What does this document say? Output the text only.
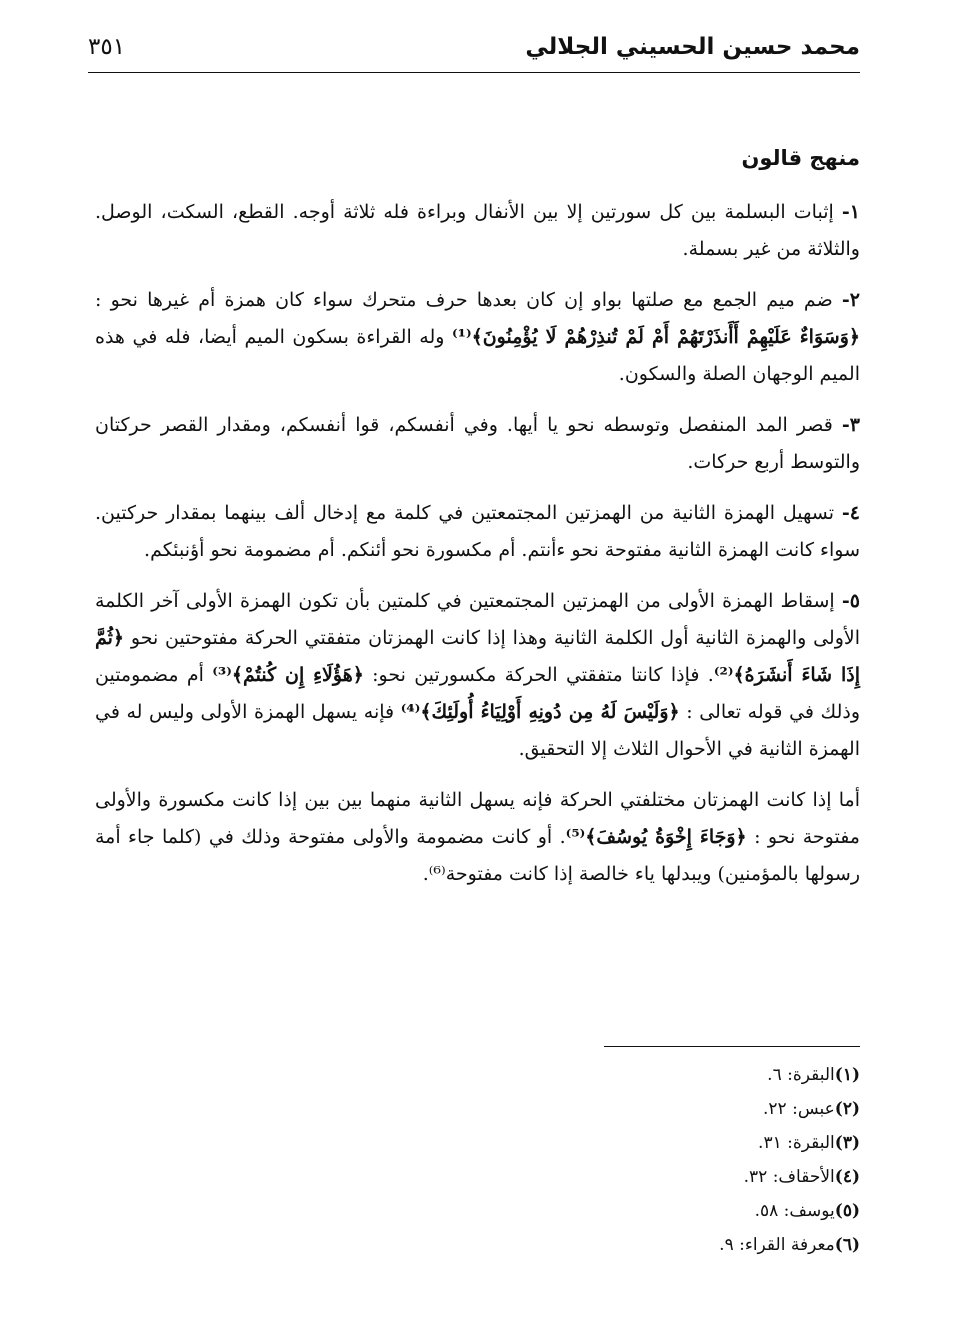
محمد حسين الحسيني الجلالي
٣٥١
منهج قالون

١- إثبات البسلمة بين كل سورتين إلا بين الأنفال وبراءة فله ثلاثة أوجه. القطع، السكت، الوصل. والثلاثة من غير بسملة.

٢- ضم ميم الجمع مع صلتها بواو إن كان بعدها حرف متحرك سواء كان همزة أم غيرها نحو : ﴿وَسَوَاءٌ عَلَيْهِمْ أَأَنذَرْتَهُمْ أَمْ لَمْ تُنذِرْهُمْ لَا يُؤْمِنُونَ﴾⁽¹⁾ وله القراءة بسكون الميم أيضا، فله في هذه الميم الوجهان الصلة والسكون.

٣- قصر المد المنفصل وتوسطه نحو يا أيها. وفي أنفسكم، قوا أنفسكم، ومقدار القصر حركتان والتوسط أربع حركات.

٤- تسهيل الهمزة الثانية من الهمزتين المجتمعتين في كلمة مع إدخال ألف بينهما بمقدار حركتين. سواء كانت الهمزة الثانية مفتوحة نحو ءأنتم. أم مكسورة نحو أئنكم. أم مضمومة نحو أؤنبئكم.

٥- إسقاط الهمزة الأولى من الهمزتين المجتمعتين في كلمتين بأن تكون الهمزة الأولى آخر الكلمة الأولى والهمزة الثانية أول الكلمة الثانية وهذا إذا كانت الهمزتان متفقتي الحركة مفتوحتين نحو ﴿ثُمَّ إِذَا شَاءَ أَنشَرَهُ﴾⁽²⁾. فإذا كانتا متفقتي الحركة مكسورتين نحو: ﴿هَؤُلَاءِ إِن كُنتُمْ﴾⁽³⁾ أم مضمومتين وذلك في قوله تعالى : ﴿وَلَيْسَ لَهُ مِن دُونِهِ أَوْلِيَاءُ أُولَئِكَ﴾⁽⁴⁾ فإنه يسهل الهمزة الأولى وليس له في الهمزة الثانية في الأحوال الثلاث إلا التحقيق.

أما إذا كانت الهمزتان مختلفتي الحركة فإنه يسهل الثانية منهما بين بين إذا كانت مكسورة والأولى مفتوحة نحو : ﴿وَجَاءَ إِخْوَةُ يُوسُفَ﴾⁽⁵⁾. أو كانت مضمومة والأولى مفتوحة وذلك في (كلما جاء أمة رسولها بالمؤمنين) ويبدلها ياء خالصة إذا كانت مفتوحة⁽⁶⁾.

(١)البقرة: ٦.
(٢)عبس: ٢٢.
(٣)البقرة: ٣١.
(٤)الأحقاف: ٣٢.
(٥)يوسف: ٥٨.
(٦)معرفة القراء: ٩.
